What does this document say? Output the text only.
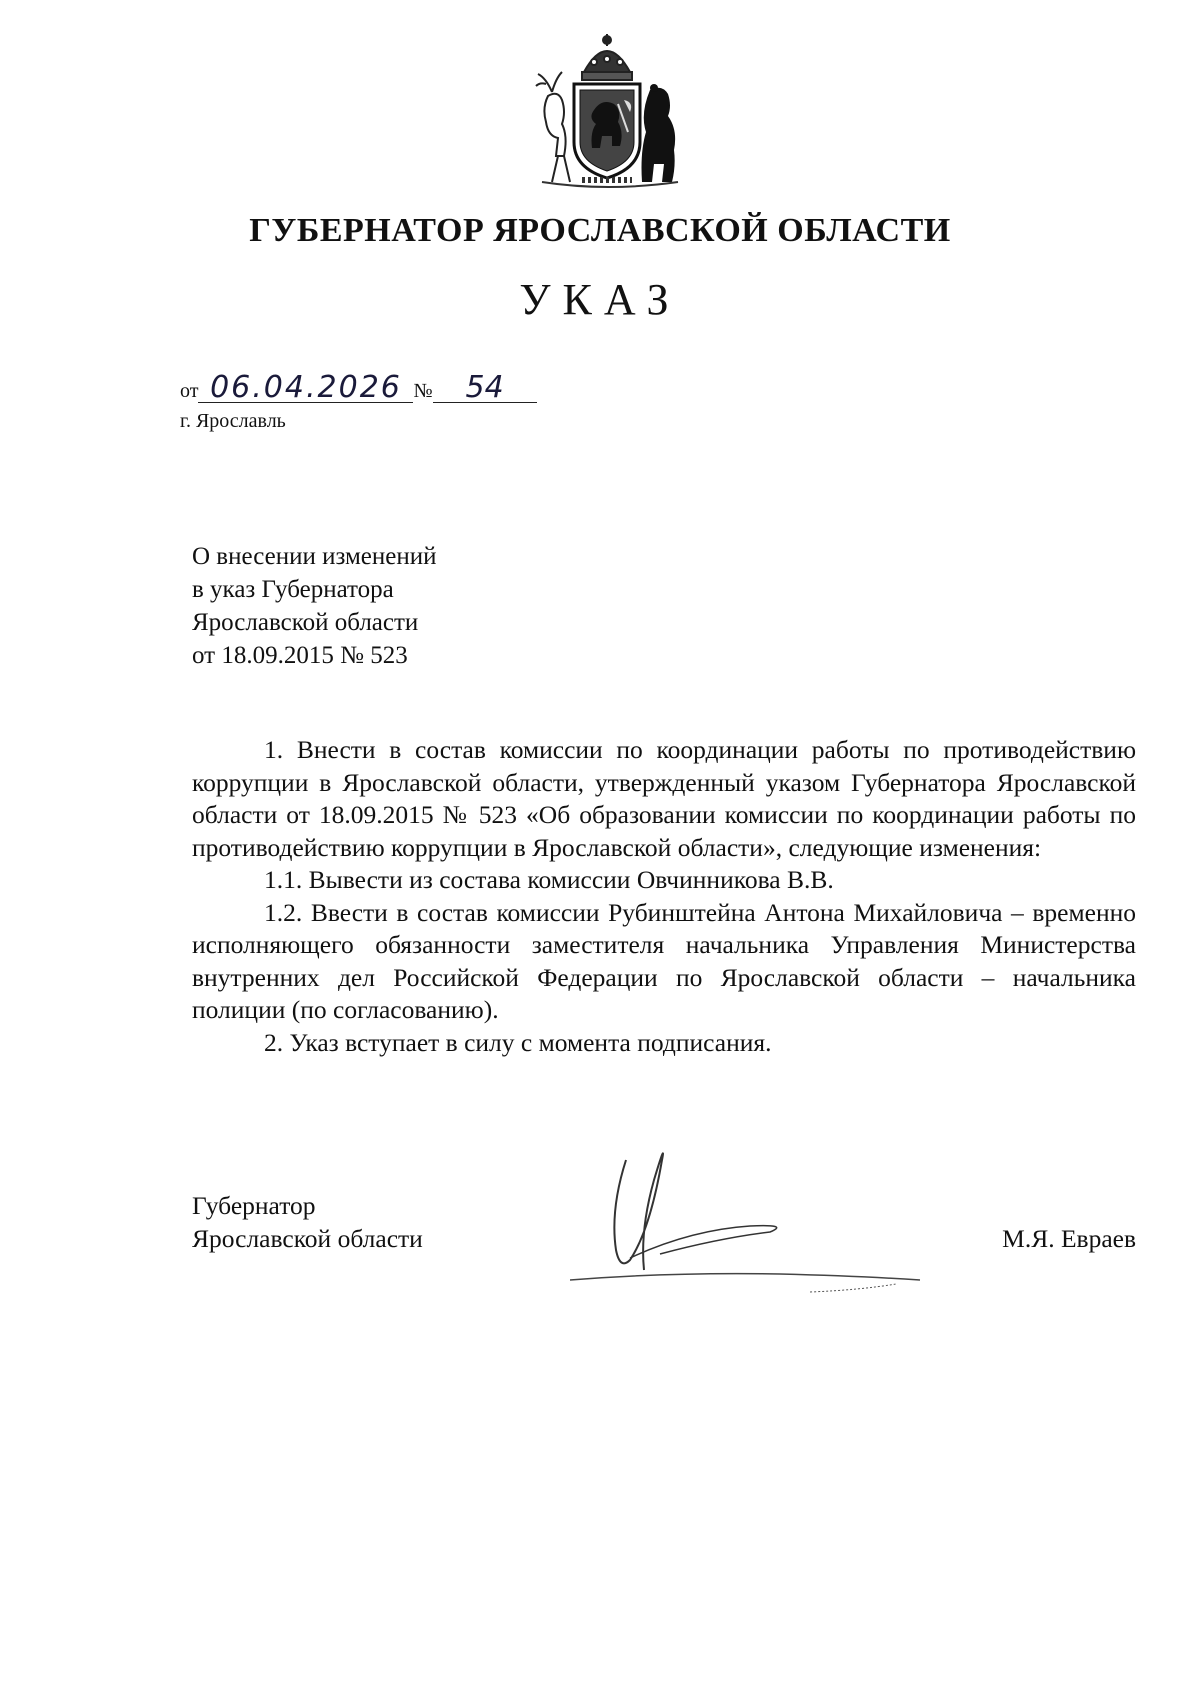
ГУБЕРНАТОР ЯРОСЛАВСКОЙ ОБЛАСТИ
УКАЗ
от 06.04.2026 № 54
г. Ярославль
О внесении изменений
в указ Губернатора
Ярославской области
от 18.09.2015 № 523

1. Внести в состав комиссии по координации работы по противодействию коррупции в Ярославской области, утвержденный указом Губернатора Ярославской области от 18.09.2015 № 523 «Об образовании комиссии по координации работы по противодействию коррупции в Ярославской области», следующие изменения:

1.1. Вывести из состава комиссии Овчинникова В.В.

1.2. Ввести в состав комиссии Рубинштейна Антона Михайловича – временно исполняющего обязанности заместителя начальника Управления Министерства внутренних дел Российской Федерации по Ярославской области – начальника полиции (по согласованию).

2. Указ вступает в силу с момента подписания.

Губернатор
Ярославской области	М.Я. Евраев
